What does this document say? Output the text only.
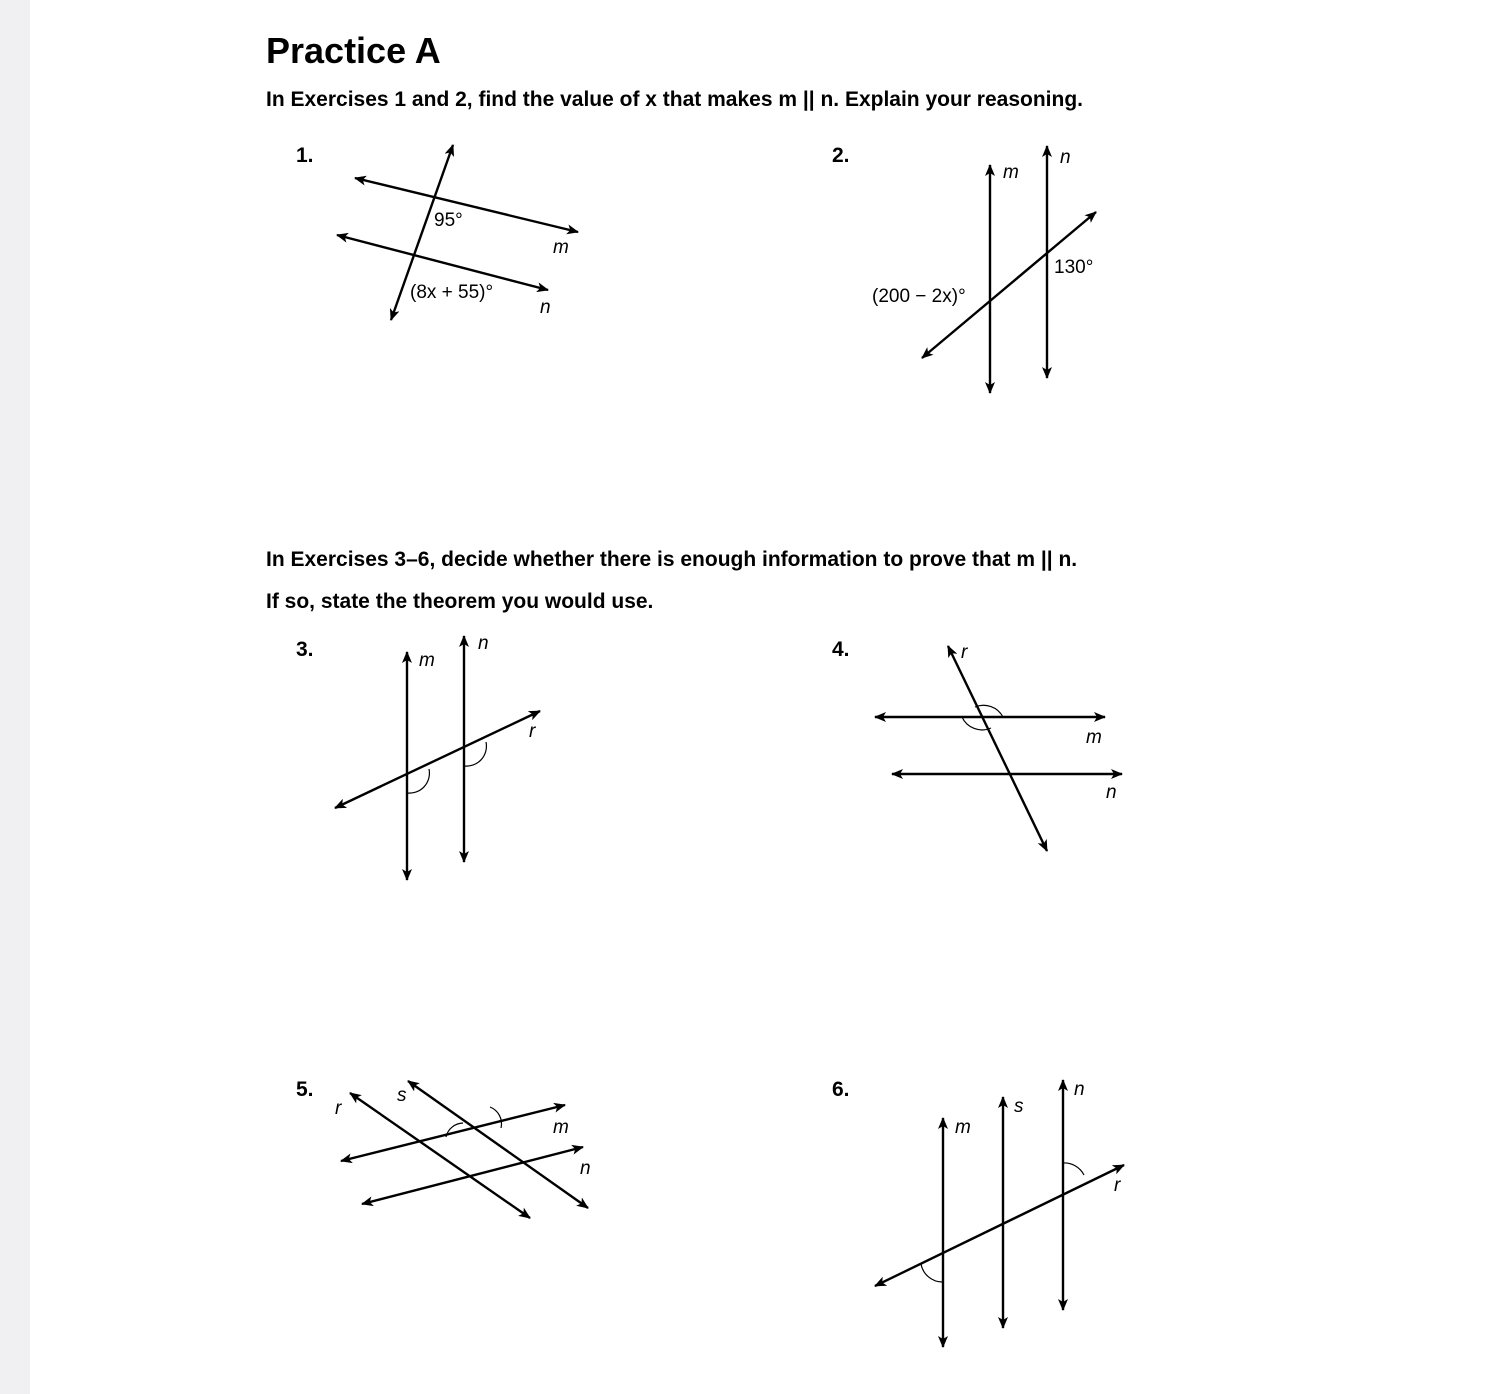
Practice A
In Exercises 1 and 2, find the value of x that makes m || n. Explain your reasoning.
In Exercises 3–6, decide whether there is enough information to prove that m || n.
If so, state the theorem you would use.
1.	2.
3.	4.
5.	6.
95°
(8x + 55)°
m
n
m
n
130°
(200 − 2x)°
m
n
r
r
m
n
r
s
m
n
m
s
n
r
